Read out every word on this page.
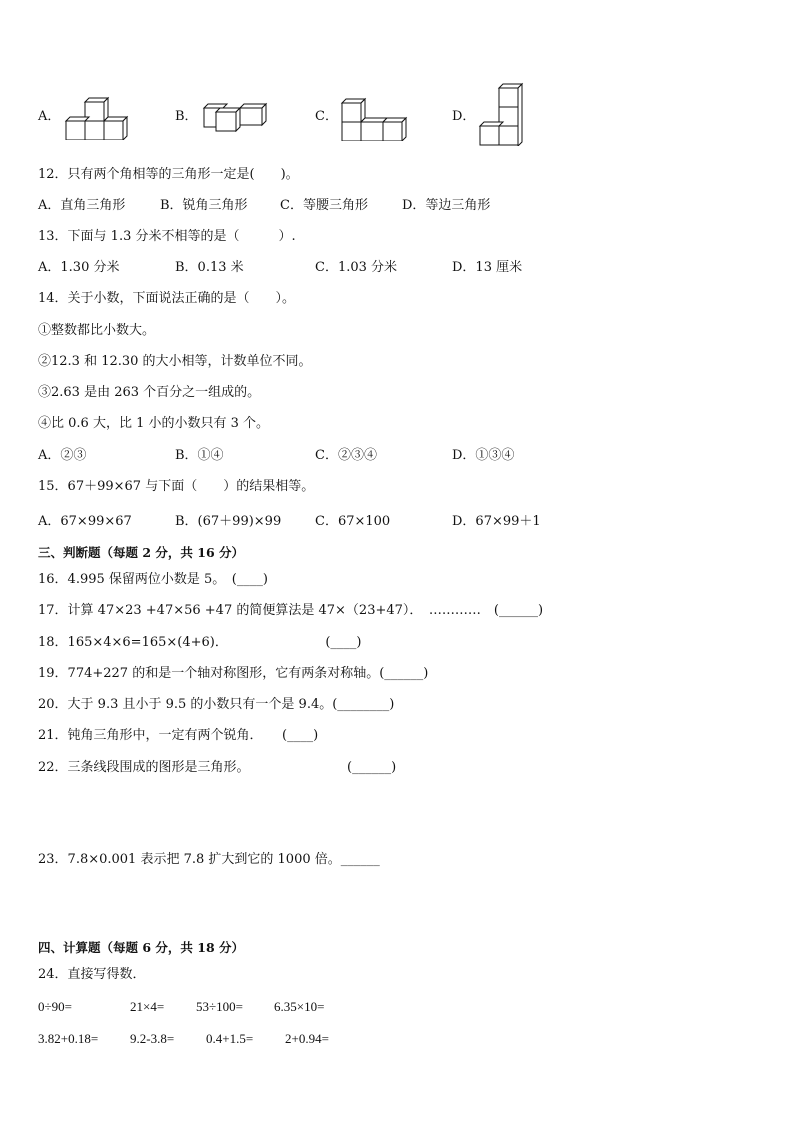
A．	B．	C．	D．
12．只有两个角相等的三角形一定是(　　)。
A．直角三角形	B．锐角三角形 C．等腰三角形	D．等边三角形
13．下面与 1.3 分米不相等的是（　　　）.
A．1.30 分米	B．0.13 米	C．1.03 分米	D．13 厘米
14．关于小数，下面说法正确的是（　　）。
①整数都比小数大。
②12.3 和 12.30 的大小相等，计数单位不同。
③2.63 是由 263 个百分之一组成的。
④比 0.6 大，比 1 小的小数只有 3 个。
A．②③	B．①④	C．②③④	D．①③④
15．67＋99×67 与下面（　　）的结果相等。
A．67×99×67	B．(67＋99)×99	C．67×100	D．67×99＋1
三、判断题（每题 2 分，共 16 分）
16．4.995 保留两位小数是 5。　(____)
17．计算 47×23 +47×56 +47 的简便算法是 47×（23+47）．　…………　(______)
18．165×4×6=165×(4+6)．　　　　　　　　(____)
19．774+227 的和是一个轴对称图形，它有两条对称轴。(______)
20．大于 9.3 且小于 9.5 的小数只有一个是 9.4。(________)
21．钝角三角形中，一定有两个锐角．　　(____)
22．三条线段围成的图形是三角形。　　　　　　　　(______)
23．7.8×0.001 表示把 7.8 扩大到它的 1000 倍。______
四、计算题（每题 6 分，共 18 分）
24．直接写得数．
0÷90=	21×4= 53÷100= 6.35×10=
3.82+0.18= 9.2-3.8= 0.4+1.5= 2+0.94=
